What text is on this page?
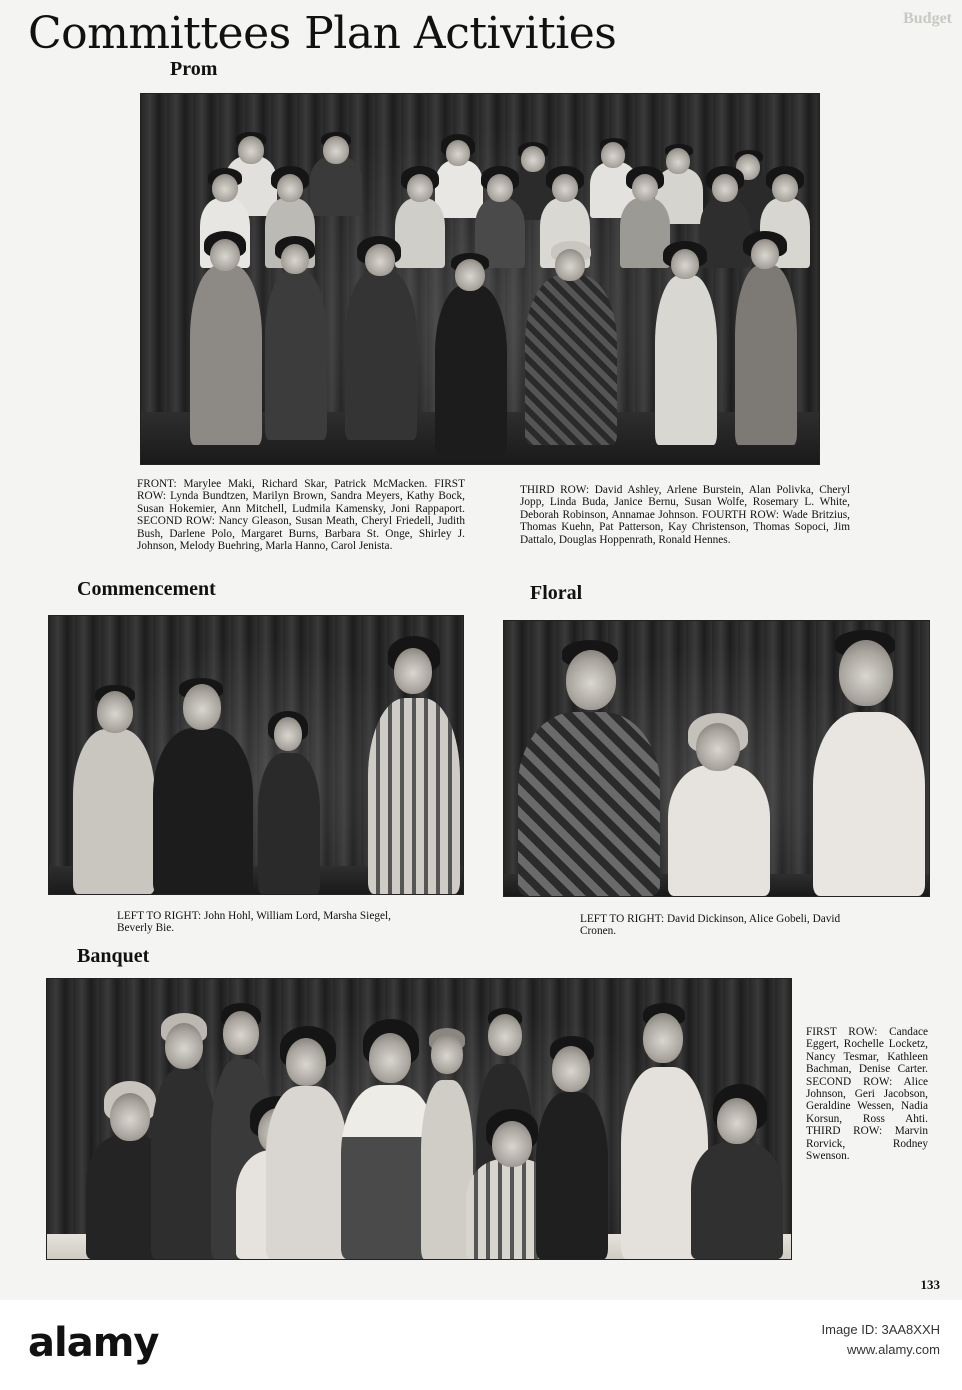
Committees Plan Activities	Budget
Prom
FRONT: Marylee Maki, Richard Skar, Patrick McMacken. FIRST ROW: Lynda Bundtzen, Marilyn Brown, Sandra Meyers, Kathy Bock, Susan Hokemier, Ann Mitchell, Ludmila Kamensky, Joni Rappaport. SECOND ROW: Nancy Gleason, Susan Meath, Cheryl Friedell, Judith Bush, Darlene Polo, Margaret Burns, Barbara St. Onge, Shirley J. Johnson, Melody Buehring, Marla Hanno, Carol Jenista.
THIRD ROW: David Ashley, Arlene Burstein, Alan Polivka, Cheryl Jopp, Linda Buda, Janice Bernu, Susan Wolfe, Rosemary L. White, Deborah Robinson, Annamae Johnson. FOURTH ROW: Wade Britzius, Thomas Kuehn, Pat Patterson, Kay Christenson, Thomas Sopoci, Jim Dattalo, Douglas Hoppenrath, Ronald Hennes.
Commencement
LEFT TO RIGHT: John Hohl, William Lord, Marsha Siegel, Beverly Bie.
Floral
LEFT TO RIGHT: David Dickinson, Alice Gobeli, David Cronen.
Banquet
FIRST ROW: Candace Eggert, Rochelle Locketz, Nancy Tesmar, Kathleen Bachman, Denise Carter. SECOND ROW: Alice Johnson, Geri Jacobson, Geraldine Wessen, Nadia Korsun, Ross Ahti. THIRD ROW: Marvin Rorvick, Rodney Swenson.
133
alamy	Image ID: 3AA8XXH
www.alamy.com
